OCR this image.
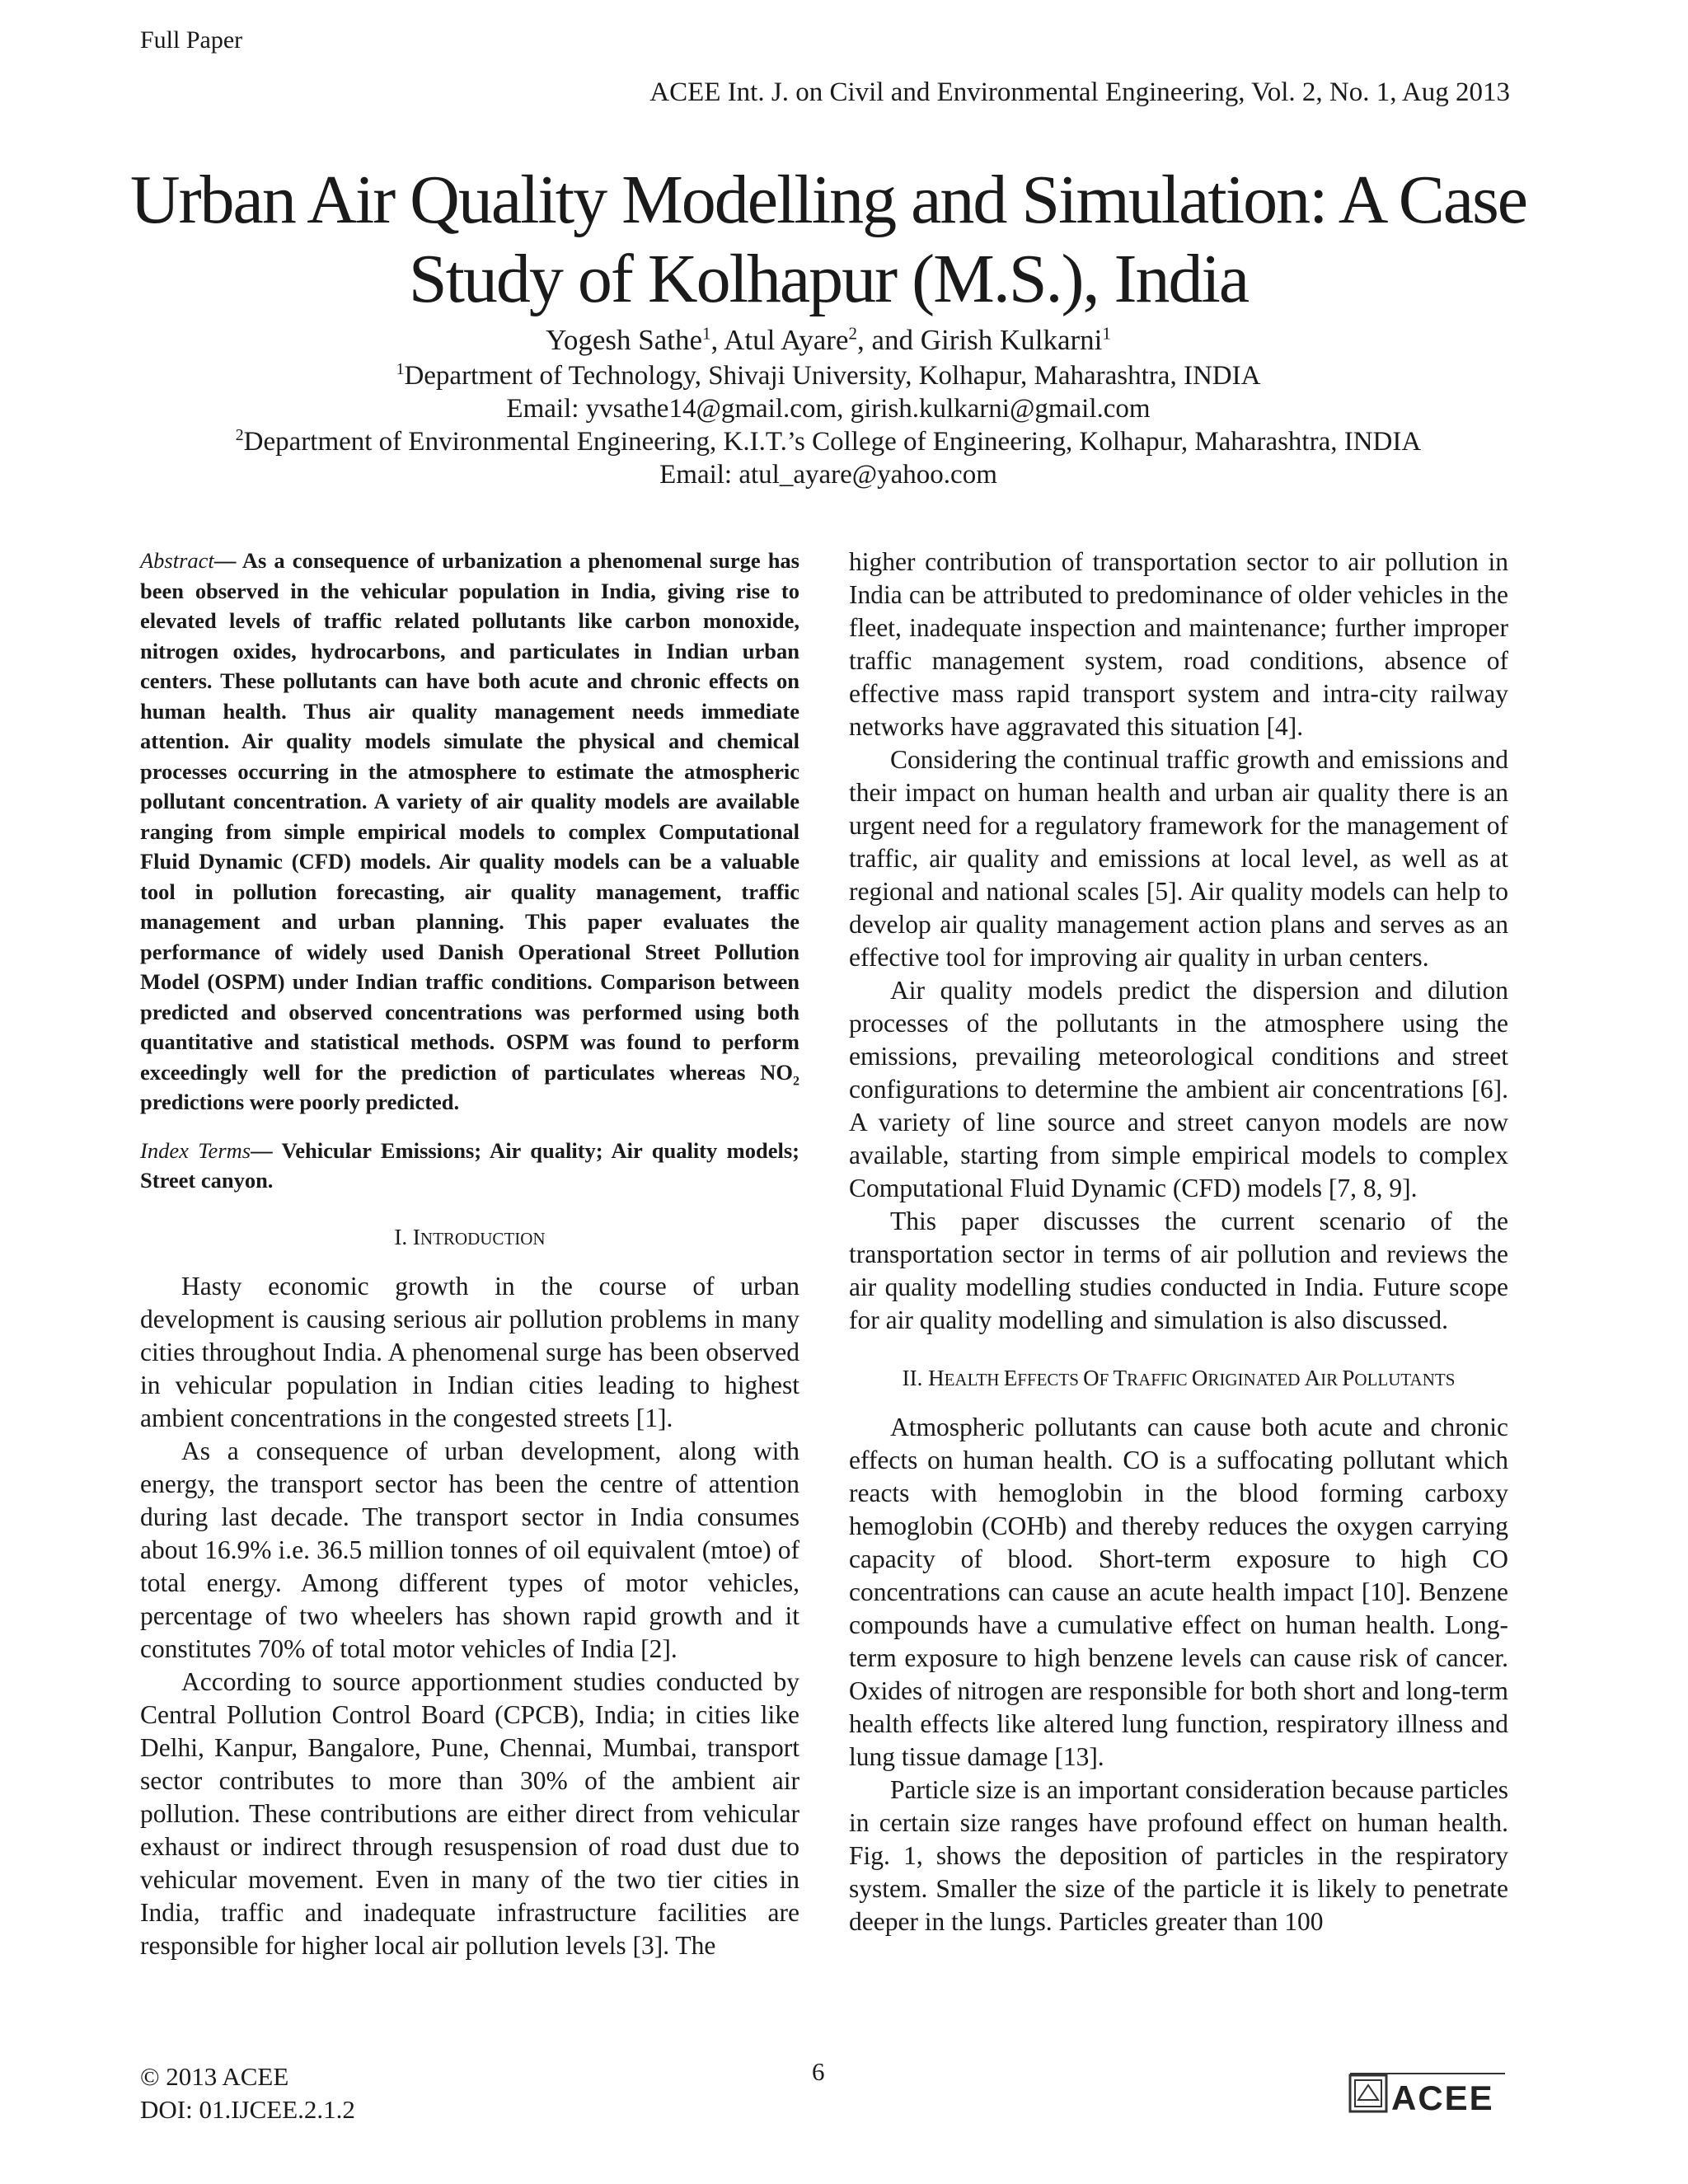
Full Paper
ACEE Int. J. on Civil and Environmental Engineering, Vol. 2, No. 1, Aug 2013
Urban Air Quality Modelling and Simulation: A Case Study of Kolhapur (M.S.), India
Yogesh Sathe$^1$, Atul Ayare$^2$, and Girish Kulkarni$^1$
$^1$Department of Technology, Shivaji University, Kolhapur, Maharashtra, INDIA
Email: yvsathe14@gmail.com, girish.kulkarni@gmail.com
$^2$Department of Environmental Engineering, K.I.T.’s College of Engineering, Kolhapur, Maharashtra, INDIA
Email: atul_ayare@yahoo.com

Abstract— As a consequence of urbanization a phenomenal surge has been observed in the vehicular population in India, giving rise to elevated levels of traffic related pollutants like carbon monoxide, nitrogen oxides, hydrocarbons, and particulates in Indian urban centers. These pollutants can have both acute and chronic effects on human health. Thus air quality management needs immediate attention. Air quality models simulate the physical and chemical processes occurring in the atmosphere to estimate the atmospheric pollutant concentration. A variety of air quality models are available ranging from simple empirical models to complex Computational Fluid Dynamic (CFD) models. Air quality models can be a valuable tool in pollution forecasting, air quality management, traffic management and urban planning. This paper evaluates the performance of widely used Danish Operational Street Pollution Model (OSPM) under Indian traffic conditions. Comparison between predicted and observed concentrations was performed using both quantitative and statistical methods. OSPM was found to perform exceedingly well for the prediction of particulates whereas $NO_2$ predictions were poorly predicted.

Index Terms— Vehicular Emissions; Air quality; Air quality models; Street canyon.

I. INTRODUCTION

Hasty economic growth in the course of urban development is causing serious air pollution problems in many cities throughout India. A phenomenal surge has been observed in vehicular population in Indian cities leading to highest ambient concentrations in the congested streets [1].

As a consequence of urban development, along with energy, the transport sector has been the centre of attention during last decade. The transport sector in India consumes about 16.9% i.e. 36.5 million tonnes of oil equivalent (mtoe) of total energy. Among different types of motor vehicles, percentage of two wheelers has shown rapid growth and it constitutes 70% of total motor vehicles of India [2].

According to source apportionment studies conducted by Central Pollution Control Board (CPCB), India; in cities like Delhi, Kanpur, Bangalore, Pune, Chennai, Mumbai, transport sector contributes to more than 30% of the ambient air pollution. These contributions are either direct from vehicular exhaust or indirect through resuspension of road dust due to vehicular movement. Even in many of the two tier cities in India, traffic and inadequate infrastructure facilities are responsible for higher local air pollution levels [3]. The

higher contribution of transportation sector to air pollution in India can be attributed to predominance of older vehicles in the fleet, inadequate inspection and maintenance; further improper traffic management system, road conditions, absence of effective mass rapid transport system and intra-city railway networks have aggravated this situation [4].

Considering the continual traffic growth and emissions and their impact on human health and urban air quality there is an urgent need for a regulatory framework for the management of traffic, air quality and emissions at local level, as well as at regional and national scales [5]. Air quality models can help to develop air quality management action plans and serves as an effective tool for improving air quality in urban centers.

Air quality models predict the dispersion and dilution processes of the pollutants in the atmosphere using the emissions, prevailing meteorological conditions and street configurations to determine the ambient air concentrations [6]. A variety of line source and street canyon models are now available, starting from simple empirical models to complex Computational Fluid Dynamic (CFD) models [7, 8, 9].

This paper discusses the current scenario of the transportation sector in terms of air pollution and reviews the air quality modelling studies conducted in India. Future scope for air quality modelling and simulation is also discussed.

II. HEALTH EFFECTS OF TRAFFIC ORIGINATED AIR POLLUTANTS

Atmospheric pollutants can cause both acute and chronic effects on human health. CO is a suffocating pollutant which reacts with hemoglobin in the blood forming carboxy hemoglobin (COHb) and thereby reduces the oxygen carrying capacity of blood. Short-term exposure to high CO concentrations can cause an acute health impact [10]. Benzene compounds have a cumulative effect on human health. Long-term exposure to high benzene levels can cause risk of cancer. Oxides of nitrogen are responsible for both short and long-term health effects like altered lung function, respiratory illness and lung tissue damage [13].

Particle size is an important consideration because particles in certain size ranges have profound effect on human health. Fig. 1, shows the deposition of particles in the respiratory system. Smaller the size of the particle it is likely to penetrate deeper in the lungs. Particles greater than 100

© 2013 ACEE
DOI: 01.IJCEE.2.1.2
6
ACEE
